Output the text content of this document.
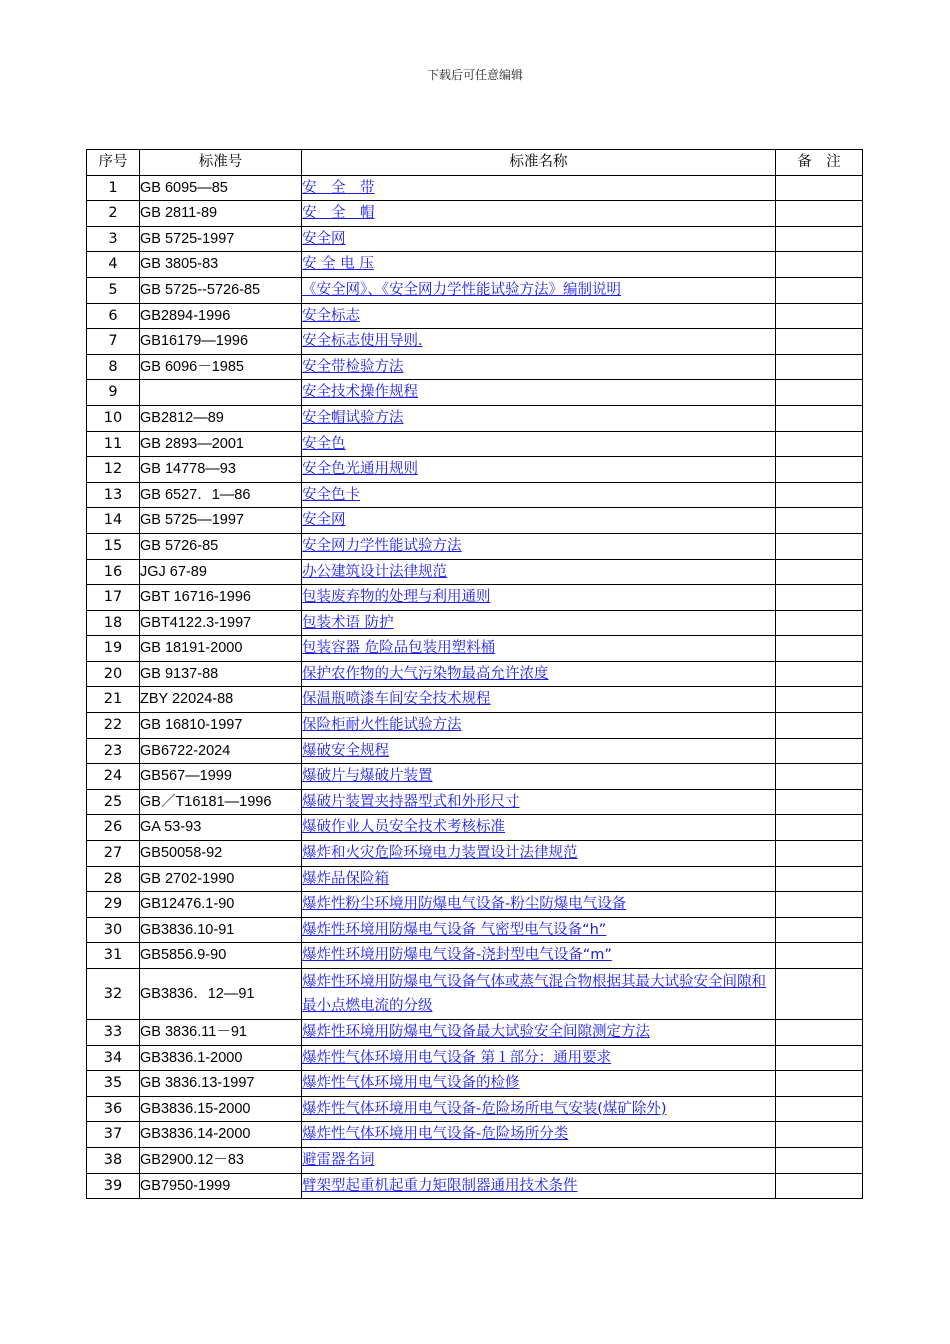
下载后可任意编辑
序号	标准号	标准名称	备　注
1	GB 6095—85	安　全　带	
2	GB 2811-89	安　全　帽	
3	GB 5725-1997	安全网	
4	GB 3805-83	安 全 电 压	
5	GB 5725--5726-85	《安全网》、《安全网力学性能试验方法》编制说明	
6	GB2894-1996	安全标志	
7	GB16179—1996	安全标志使用导则.	
8	GB 6096－1985	安全带检验方法	
9		安全技术操作规程	
10	GB2812—89	安全帽试验方法	
11	GB 2893—2001	安全色	
12	GB 14778—93	安全色光通用规则	
13	GB 6527．1—86	安全色卡	
14	GB 5725—1997	安全网	
15	GB 5726-85	安全网力学性能试验方法	
16	JGJ 67-89	办公建筑设计法律规范	
17	GBT 16716-1996	包装废弃物的处理与利用通则	
18	GBT4122.3-1997	包装术语 防护	
19	GB 18191-2000	包装容器 危险品包装用塑料桶	
20	GB 9137-88	保护农作物的大气污染物最高允许浓度	
21	ZBY 22024-88	保温瓶喷漆车间安全技术规程	
22	GB 16810-1997	保险柜耐火性能试验方法	
23	GB6722-2024	爆破安全规程	
24	GB567—1999	爆破片与爆破片装置	
25	GB／T16181—1996	爆破片装置夹持器型式和外形尺寸	
26	GA 53-93	爆破作业人员安全技术考核标准	
27	GB50058-92	爆炸和火灾危险环境电力装置设计法律规范	
28	GB 2702-1990	爆炸品保险箱	
29	GB12476.1-90	爆炸性粉尘环境用防爆电气设备-粉尘防爆电气设备	
30	GB3836.10-91	爆炸性环境用防爆电气设备 气密型电气设备“h”	
31	GB5856.9-90	爆炸性环境用防爆电气设备-浇封型电气设备“m”	
32	GB3836．12—91	爆炸性环境用防爆电气设备气体或蒸气混合物根据其最大试验安全间隙和最小点燃电流的分级	
33	GB 3836.11－91	爆炸性环境用防爆电气设备最大试验安全间隙测定方法	
34	GB3836.1-2000	爆炸性气体环境用电气设备 第１部分：通用要求	
35	GB 3836.13-1997	爆炸性气体环境用电气设备的检修	
36	GB3836.15-2000	爆炸性气体环境用电气设备-危险场所电气安装(煤矿除外)	
37	GB3836.14-2000	爆炸性气体环境用电气设备-危险场所分类	
38	GB2900.12－83	避雷器名词	
39	GB7950-1999	臂架型起重机起重力矩限制器通用技术条件	
